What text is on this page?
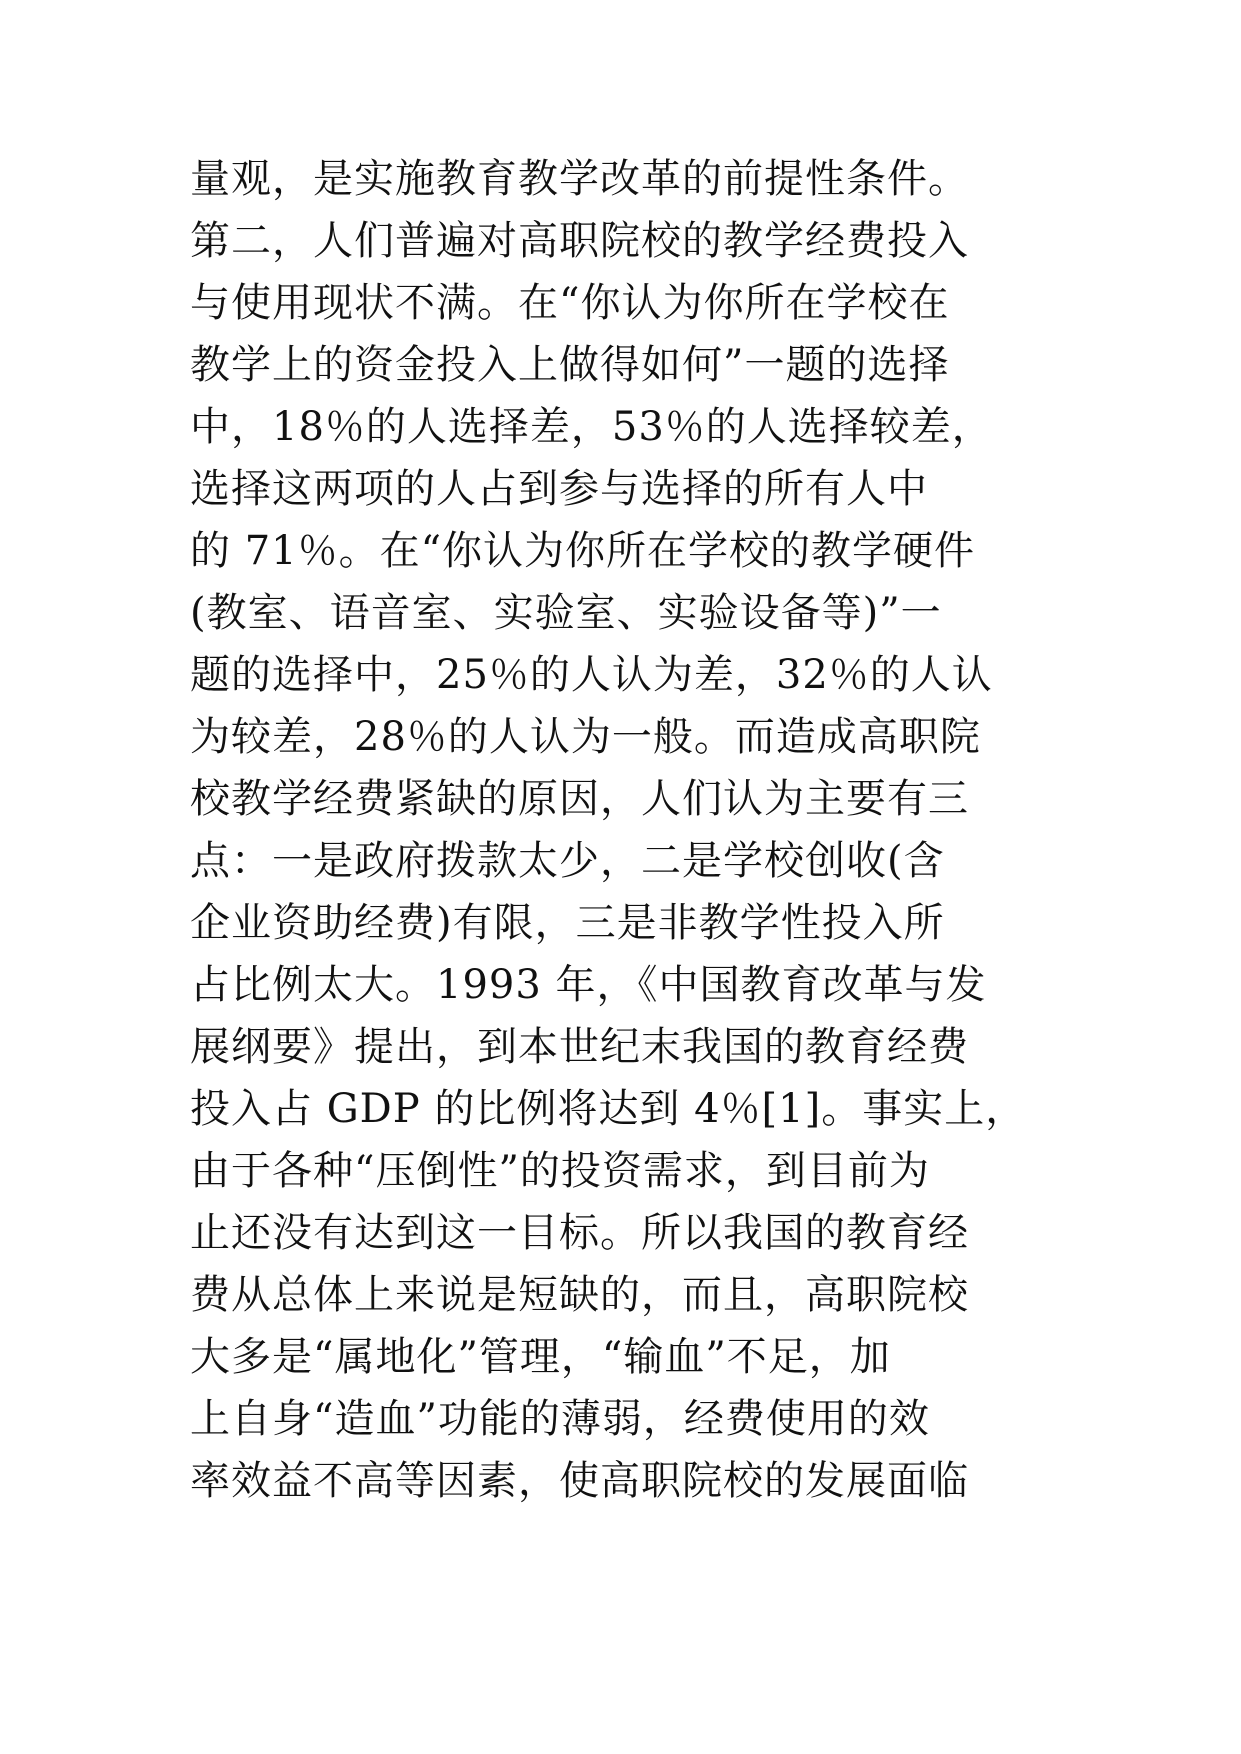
量观，是实施教育教学改革的前提性条件。
第二，人们普遍对高职院校的教学经费投入
与使用现状不满。在“你认为你所在学校在
教学上的资金投入上做得如何”一题的选择
中，18％的人选择差，53％的人选择较差，
选择这两项的人占到参与选择的所有人中
的 71％。在“你认为你所在学校的教学硬件
(教室、语音室、实验室、实验设备等)”一
题的选择中，25％的人认为差，32％的人认
为较差，28％的人认为一般。而造成高职院
校教学经费紧缺的原因，人们认为主要有三
点：一是政府拨款太少，二是学校创收(含
企业资助经费)有限，三是非教学性投入所
占比例太大。1993 年，《中国教育改革与发
展纲要》提出，到本世纪末我国的教育经费
投入占 GDP 的比例将达到 4％[1]。事实上，
由于各种“压倒性”的投资需求，到目前为
止还没有达到这一目标。所以我国的教育经
费从总体上来说是短缺的，而且，高职院校
大多是“属地化”管理，“输血”不足，加
上自身“造血”功能的薄弱，经费使用的效
率效益不高等因素，使高职院校的发展面临
